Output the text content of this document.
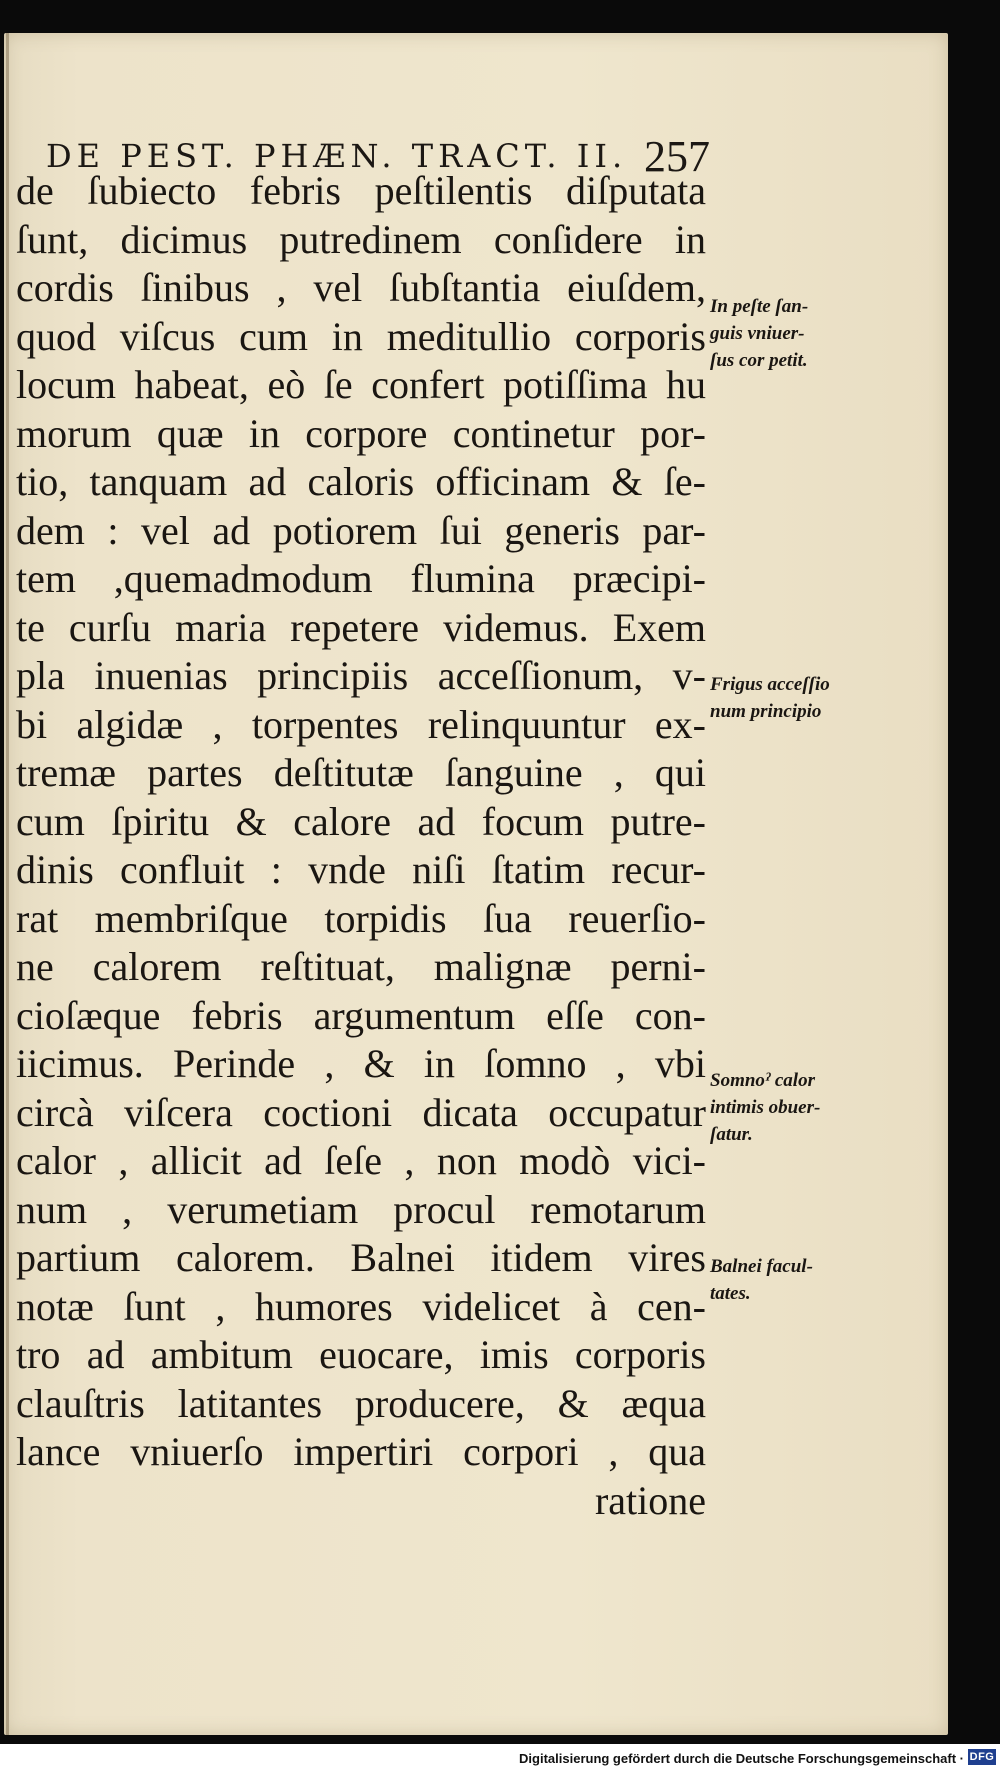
DE PEST. PHÆN. TRACT. II. 257
de ſubiecto febris peſtilentis diſputata
ſunt, dicimus putredinem conſidere in
cordis ſinibus , vel ſubſtantia eiuſdem,
quod viſcus cum in meditullio corporis
locum habeat, eò ſe confert potiſſima hu
morum quæ in corpore continetur por-
tio, tanquam ad caloris officinam & ſe-
dem : vel ad potiorem ſui generis par-
tem ,quemadmodum flumina præcipi-
te curſu maria repetere videmus. Exem
pla inuenias principiis acceſſionum, v-
bi algidæ , torpentes relinquuntur ex-
tremæ partes deſtitutæ ſanguine , qui
cum ſpiritu & calore ad focum putre-
dinis confluit : vnde niſi ſtatim recur-
rat membriſque torpidis ſua reuerſio-
ne calorem reſtituat, malignæ perni-
cioſæque febris argumentum eſſe con-
iicimus. Perinde , & in ſomno , vbi
circà viſcera coctioni dicata occupatur
calor , allicit ad ſeſe , non modò vici-
num , verumetiam procul remotarum
partium calorem. Balnei itidem vires
notæ ſunt , humores videlicet à cen-
tro ad ambitum euocare, imis corporis
clauſtris latitantes producere, & æqua
lance vniuerſo impertiri corpori , qua
ratione
In peſte ſan-
guis vniuer-
ſus cor petit.
Frigus acceſſio
num principio
Somnoˀ calor
intimis obuer-
ſatur.
Balnei facul-
tates.
Digitalisierung gefördert durch die Deutsche Forschungsgemeinschaft · DFG
